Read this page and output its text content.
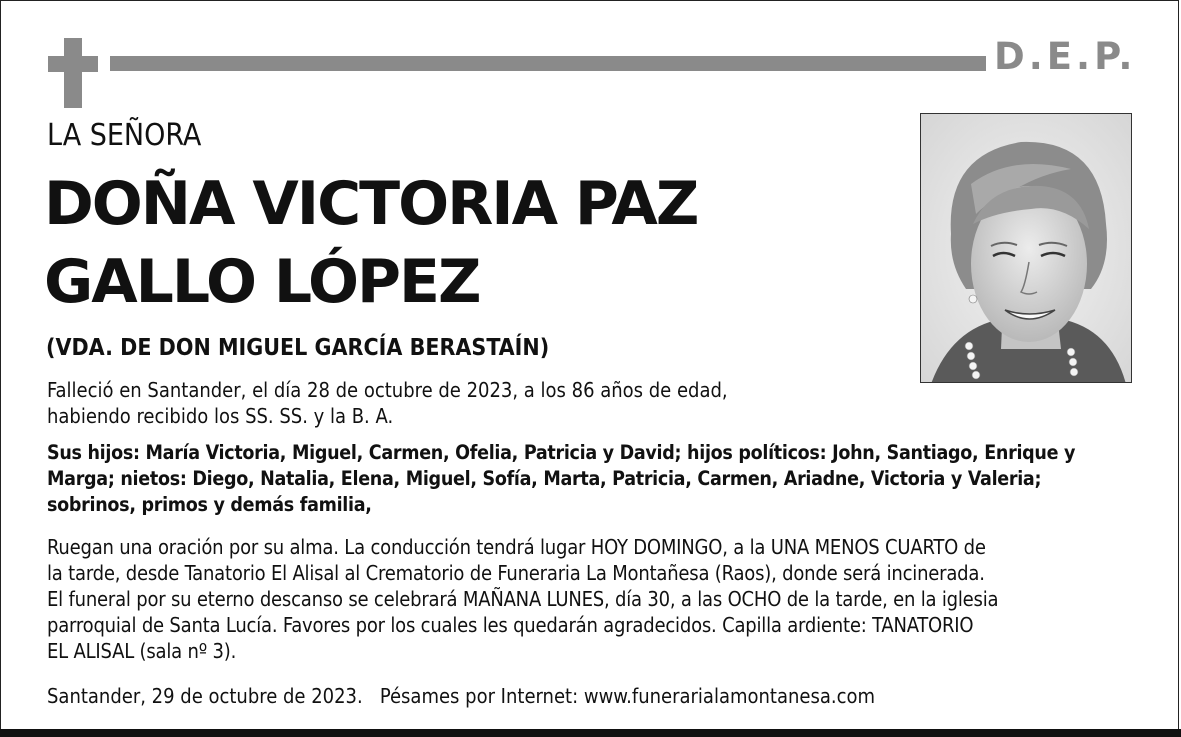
D.E.P.
LA SEÑORA
DOÑA VICTORIA PAZ
GALLO LÓPEZ
(VDA. DE DON MIGUEL GARCÍA BERASTAÍN)
Falleció en Santander, el día 28 de octubre de 2023, a los 86 años de edad,
habiendo recibido los SS. SS. y la B. A.
Sus hijos: María Victoria, Miguel, Carmen, Ofelia, Patricia y David; hijos políticos: John, Santiago, Enrique y
Marga; nietos: Diego, Natalia, Elena, Miguel, Sofía, Marta, Patricia, Carmen, Ariadne, Victoria y Valeria;
sobrinos, primos y demás familia,
Ruegan una oración por su alma. La conducción tendrá lugar HOY DOMINGO, a la UNA MENOS CUARTO de
la tarde, desde Tanatorio El Alisal al Crematorio de Funeraria La Montañesa (Raos), donde será incinerada.
El funeral por su eterno descanso se celebrará MAÑANA LUNES, día 30, a las OCHO de la tarde, en la iglesia
parroquial de Santa Lucía. Favores por los cuales les quedarán agradecidos. Capilla ardiente: TANATORIO
EL ALISAL (sala nº 3).
Santander, 29 de octubre de 2023. Pésames por Internet: www.funerarialamontanesa.com
